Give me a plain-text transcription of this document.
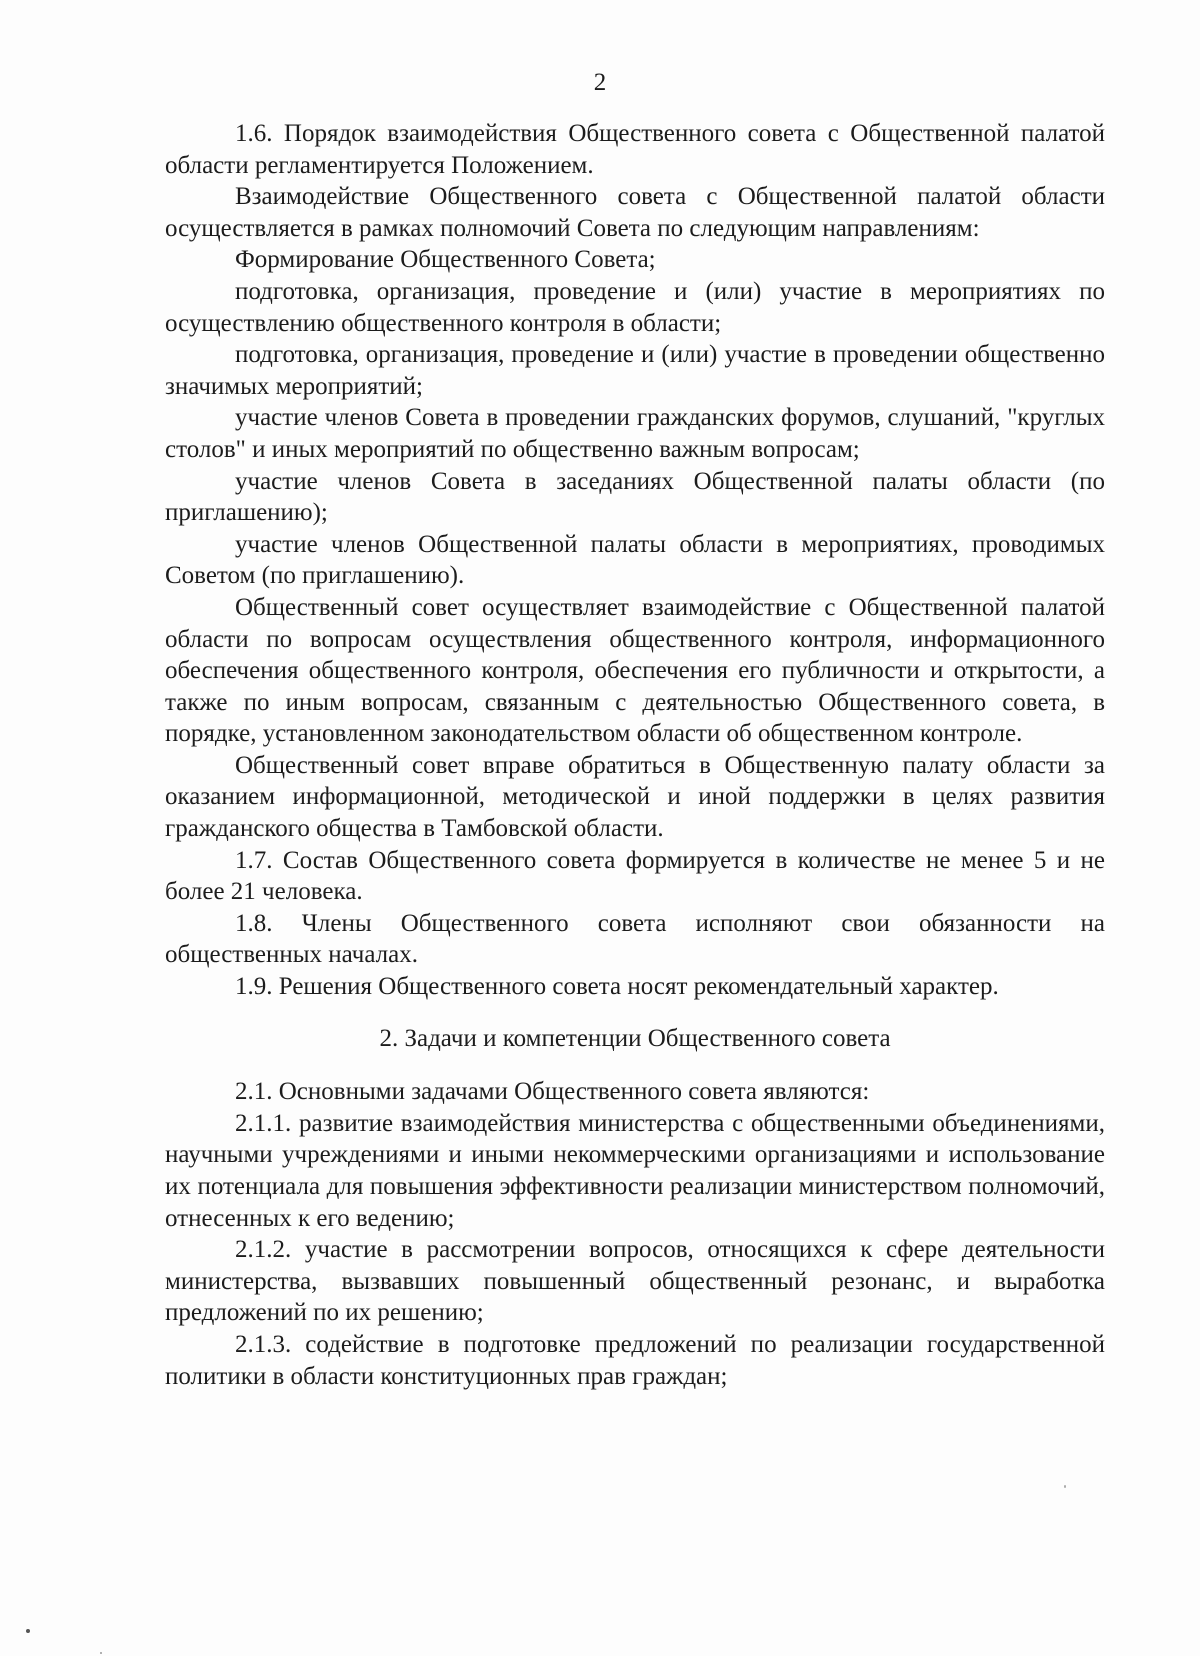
2

1.6. Порядок взаимодействия Общественного совета с Общественной палатой области регламентируется Положением.

Взаимодействие Общественного совета с Общественной палатой области осуществляется в рамках полномочий Совета по следующим направлениям:

Формирование Общественного Совета;

подготовка, организация, проведение и (или) участие в мероприятиях по осуществлению общественного контроля в области;

подготовка, организация, проведение и (или) участие в проведении общественно значимых мероприятий;

участие членов Совета в проведении гражданских форумов, слушаний, "круглых столов" и иных мероприятий по общественно важным вопросам;

участие членов Совета в заседаниях Общественной палаты области (по приглашению);

участие членов Общественной палаты области в мероприятиях, проводимых Советом (по приглашению).

Общественный совет осуществляет взаимодействие с Общественной палатой области по вопросам осуществления общественного контроля, информационного обеспечения общественного контроля, обеспечения его публичности и открытости, а также по иным вопросам, связанным с деятельностью Общественного совета, в порядке, установленном законодательством области об общественном контроле.

Общественный совет вправе обратиться в Общественную палату области за оказанием информационной, методической и иной поддержки в целях развития гражданского общества в Тамбовской области.

1.7. Состав Общественного совета формируется в количестве не менее 5 и не более 21 человека.

1.8. Члены Общественного совета исполняют свои обязанности на общественных началах.

1.9. Решения Общественного совета носят рекомендательный характер.

2. Задачи и компетенции Общественного совета

2.1. Основными задачами Общественного совета являются:

2.1.1. развитие взаимодействия министерства с общественными объединениями, научными учреждениями и иными некоммерческими организациями и использование их потенциала для повышения эффективности реализации министерством полномочий, отнесенных к его ведению;

2.1.2. участие в рассмотрении вопросов, относящихся к сфере деятельности министерства, вызвавших повышенный общественный резонанс, и выработка предложений по их решению;

2.1.3. содействие в подготовке предложений по реализации государственной политики в области конституционных прав граждан;
